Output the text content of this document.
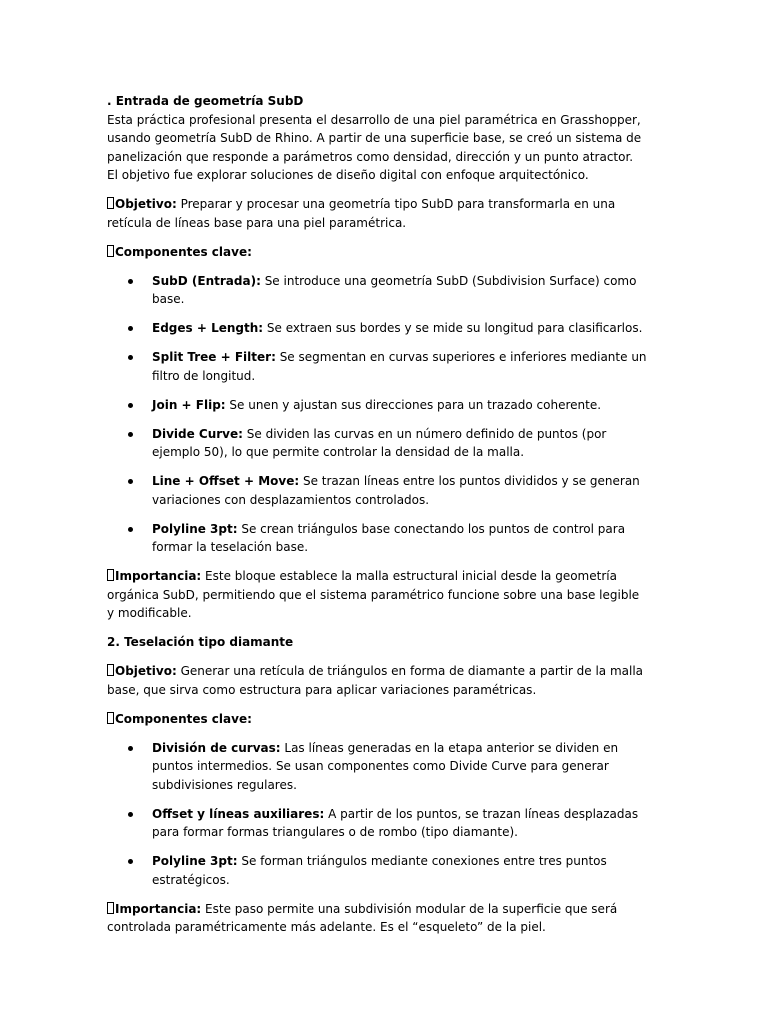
. Entrada de geometría SubD

Esta práctica profesional presenta el desarrollo de una piel paramétrica en Grasshopper, usando geometría SubD de Rhino. A partir de una superficie base, se creó un sistema de panelización que responde a parámetros como densidad, dirección y un punto atractor. El objetivo fue explorar soluciones de diseño digital con enfoque arquitectónico.

Objetivo: Preparar y procesar una geometría tipo SubD para transformarla en una retícula de líneas base para una piel paramétrica.

Componentes clave:

SubD (Entrada): Se introduce una geometría SubD (Subdivision Surface) como base.
Edges + Length: Se extraen sus bordes y se mide su longitud para clasificarlos.
Split Tree + Filter: Se segmentan en curvas superiores e inferiores mediante un filtro de longitud.
Join + Flip: Se unen y ajustan sus direcciones para un trazado coherente.
Divide Curve: Se dividen las curvas en un número definido de puntos (por ejemplo 50), lo que permite controlar la densidad de la malla.
Line + Offset + Move: Se trazan líneas entre los puntos divididos y se generan variaciones con desplazamientos controlados.
Polyline 3pt: Se crean triángulos base conectando los puntos de control para formar la teselación base.

Importancia: Este bloque establece la malla estructural inicial desde la geometría orgánica SubD, permitiendo que el sistema paramétrico funcione sobre una base legible y modificable.

2. Teselación tipo diamante

Objetivo: Generar una retícula de triángulos en forma de diamante a partir de la malla base, que sirva como estructura para aplicar variaciones paramétricas.

Componentes clave:

División de curvas: Las líneas generadas en la etapa anterior se dividen en puntos intermedios. Se usan componentes como Divide Curve para generar subdivisiones regulares.
Offset y líneas auxiliares: A partir de los puntos, se trazan líneas desplazadas para formar formas triangulares o de rombo (tipo diamante).
Polyline 3pt: Se forman triángulos mediante conexiones entre tres puntos estratégicos.

Importancia: Este paso permite una subdivisión modular de la superficie que será controlada paramétricamente más adelante. Es el “esqueleto” de la piel.
